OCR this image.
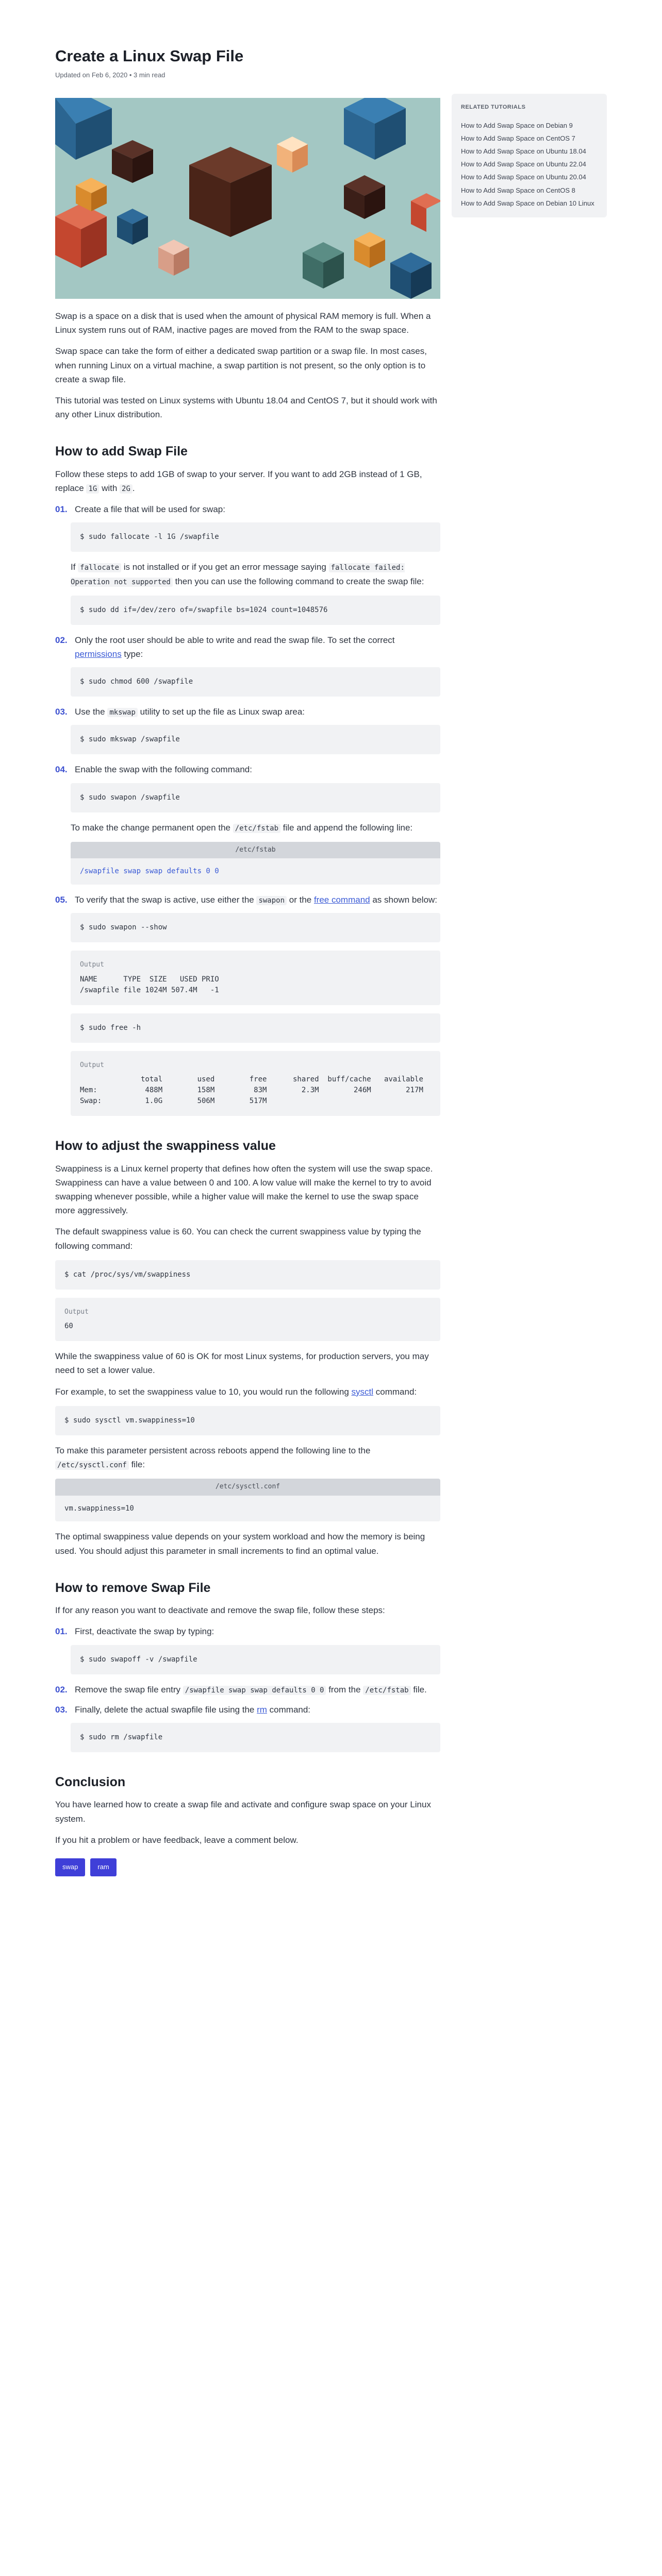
Create a Linux Swap File
Updated on Feb 6, 2020 • 3 min read

Swap is a space on a disk that is used when the amount of physical RAM memory is full. When a Linux system runs out of RAM, inactive pages are moved from the RAM to the swap space.

Swap space can take the form of either a dedicated swap partition or a swap file. In most cases, when running Linux on a virtual machine, a swap partition is not present, so the only option is to create a swap file.

This tutorial was tested on Linux systems with Ubuntu 18.04 and CentOS 7, but it should work with any other Linux distribution.

How to add Swap File

Follow these steps to add 1GB of swap to your server. If you want to add 2GB instead of 1 GB, replace 1G with 2G .

01. Create a file that will be used for swap:
$ sudo fallocate -l 1G /swapfile

If fallocate is not installed or if you get an error message saying fallocate failed: Operation not supported then you can use the following command to create the swap file:

$ sudo dd if=/dev/zero of=/swapfile bs=1024 count=1048576
02. Only the root user should be able to write and read the swap file. To set the correct permissions type:
$ sudo chmod 600 /swapfile
03. Use the mkswap utility to set up the file as Linux swap area:
$ sudo mkswap /swapfile
04. Enable the swap with the following command:
$ sudo swapon /swapfile

To make the change permanent open the /etc/fstab file and append the following line:

/etc/fstab
/swapfile swap swap defaults 0 0
05. To verify that the swap is active, use either the swapon or the free command as shown below:
$ sudo swapon --show
Output
NAME      TYPE  SIZE   USED PRIO
/swapfile file 1024M 507.4M   -1
$ sudo free -h
Output
total        used        free      shared  buff/cache   available
Mem:           488M        158M         83M        2.3M        246M        217M
Swap:          1.0G        506M        517M
How to adjust the swappiness value

Swappiness is a Linux kernel property that defines how often the system will use the swap space. Swappiness can have a value between 0 and 100. A low value will make the kernel to try to avoid swapping whenever possible, while a higher value will make the kernel to use the swap space more aggressively.

The default swappiness value is 60. You can check the current swappiness value by typing the following command:

$ cat /proc/sys/vm/swappiness
Output
60

While the swappiness value of 60 is OK for most Linux systems, for production servers, you may need to set a lower value.

For example, to set the swappiness value to 10, you would run the following sysctl command:

$ sudo sysctl vm.swappiness=10

To make this parameter persistent across reboots append the following line to the /etc/sysctl.conf file:

/etc/sysctl.conf
vm.swappiness=10

The optimal swappiness value depends on your system workload and how the memory is being used. You should adjust this parameter in small increments to find an optimal value.

How to remove Swap File

If for any reason you want to deactivate and remove the swap file, follow these steps:

01. First, deactivate the swap by typing:
$ sudo swapoff -v /swapfile
02. Remove the swap file entry /swapfile swap swap defaults 0 0 from the /etc/fstab file.
03. Finally, delete the actual swapfile file using the rm command:
$ sudo rm /swapfile
Conclusion

You have learned how to create a swap file and activate and configure swap space on your Linux system.

If you hit a problem or have feedback, leave a comment below.

swap	ram
RELATED TUTORIALS
How to Add Swap Space on Debian 9
How to Add Swap Space on CentOS 7
How to Add Swap Space on Ubuntu 18.04
How to Add Swap Space on Ubuntu 22.04
How to Add Swap Space on Ubuntu 20.04
How to Add Swap Space on CentOS 8
How to Add Swap Space on Debian 10 Linux
